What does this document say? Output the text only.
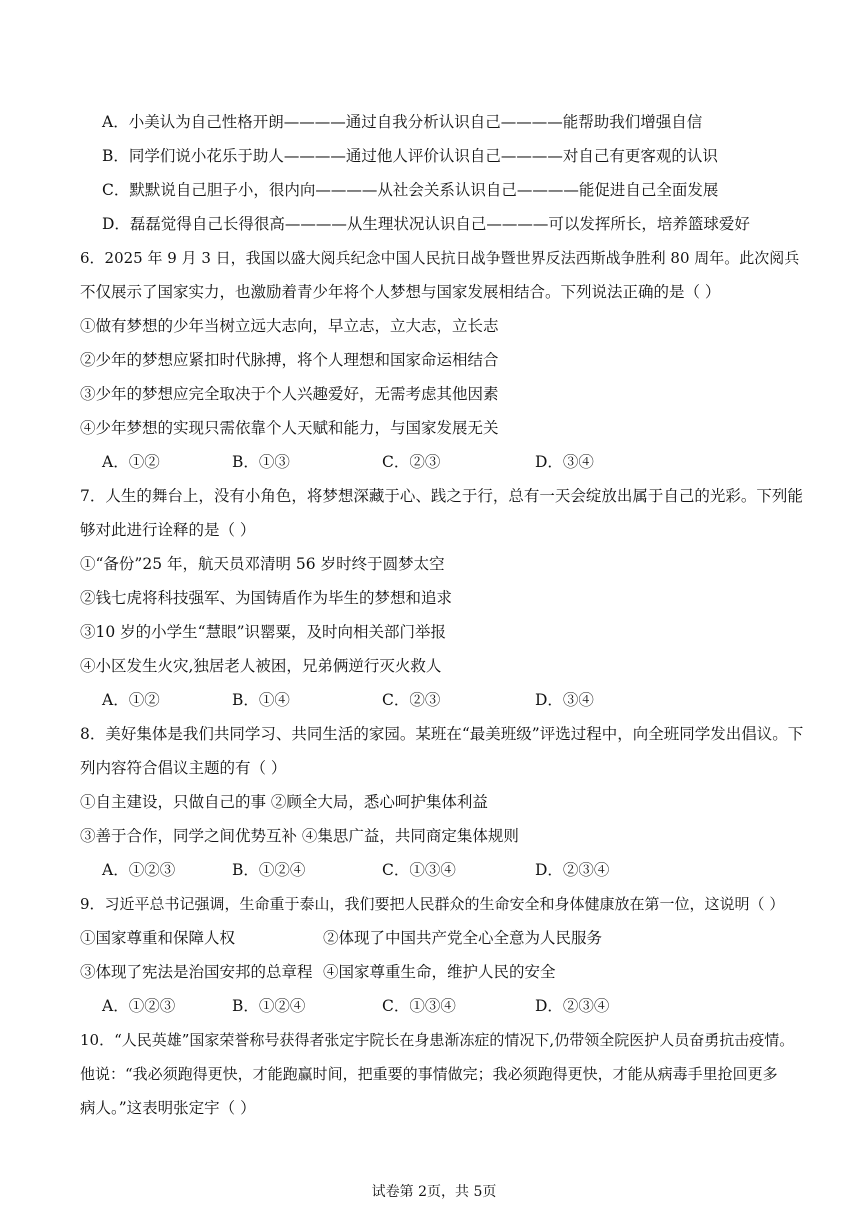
A．小美认为自己性格开朗————通过自我分析认识自己————能帮助我们增强自信
B．同学们说小花乐于助人————通过他人评价认识自己————对自己有更客观的认识
C．默默说自己胆子小，很内向————从社会关系认识自己————能促进自己全面发展
D．磊磊觉得自己长得很高————从生理状况认识自己————可以发挥所长，培养篮球爱好
6．2025 年 9 月 3 日，我国以盛大阅兵纪念中国人民抗日战争暨世界反法西斯战争胜利 80 周年。此次阅兵
不仅展示了国家实力，也激励着青少年将个人梦想与国家发展相结合。下列说法正确的是（ ）
①做有梦想的少年当树立远大志向，早立志，立大志，立长志
②少年的梦想应紧扣时代脉搏，将个人理想和国家命运相结合
③少年的梦想应完全取决于个人兴趣爱好，无需考虑其他因素
④少年梦想的实现只需依靠个人天赋和能力，与国家发展无关
A．①②	B．①③	C．②③	D．③④
7．人生的舞台上，没有小角色，将梦想深藏于心、践之于行，总有一天会绽放出属于自己的光彩。下列能
够对此进行诠释的是（ ）
①“备份”25 年，航天员邓清明 56 岁时终于圆梦太空
②钱七虎将科技强军、为国铸盾作为毕生的梦想和追求
③10 岁的小学生“慧眼”识罂粟，及时向相关部门举报
④小区发生火灾,独居老人被困，兄弟俩逆行灭火救人
A．①②	B．①④	C．②③	D．③④
8．美好集体是我们共同学习、共同生活的家园。某班在“最美班级”评选过程中，向全班同学发出倡议。下
列内容符合倡议主题的有（ ）
①自主建设，只做自己的事 ②顾全大局，悉心呵护集体利益
③善于合作，同学之间优势互补 ④集思广益，共同商定集体规则
A．①②③	B．①②④	C．①③④	D．②③④
9．习近平总书记强调，生命重于泰山，我们要把人民群众的生命安全和身体健康放在第一位，这说明（ ）
①国家尊重和保障人权	②体现了中国共产党全心全意为人民服务
③体现了宪法是治国安邦的总章程 ④国家尊重生命，维护人民的安全
A．①②③	B．①②④	C．①③④	D．②③④
10．“人民英雄”国家荣誉称号获得者张定宇院长在身患渐冻症的情况下,仍带领全院医护人员奋勇抗击疫情。
他说：“我必须跑得更快，才能跑赢时间，把重要的事情做完；我必须跑得更快，才能从病毒手里抢回更多
病人。”这表明张定宇（ ）
试卷第 2页，共 5页
